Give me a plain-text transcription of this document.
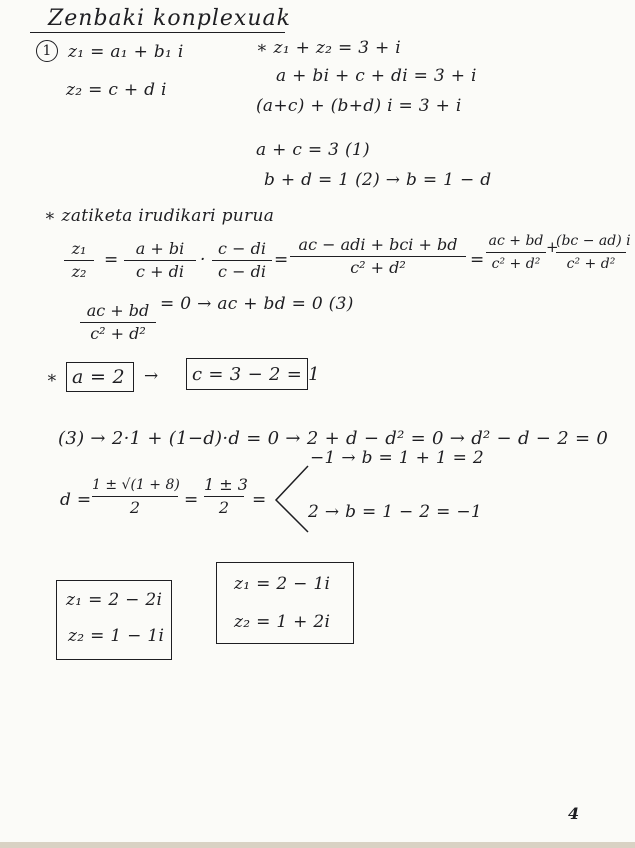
Zenbaki konplexuak
1 z₁ = a₁ + b₁ i
z₂ = c + d i
∗ z₁ + z₂ = 3 + i
a + bi + c + di = 3 + i
(a+c) + (b+d) i = 3 + i
a + c = 3 (1)
b + d = 1 (2) → b = 1 − d
∗ zatiketa irudikari purua
z₁
z₂
=
a + bi
c + di
·
c − di
c − di
=
ac − adi + bci + bd
c² + d²	=
ac + bd
c² + d²
+
(bc − ad) i
c² + d²
ac + bd
c² + d²
= 0 → ac + bd = 0 (3)
∗ a = 2 → c = 3 − 2 = 1
(3) → 2·1 + (1−d)·d = 0 → 2 + d − d² = 0 → d² − d − 2 = 0
d =
1 ± √(1 + 8)
2	=
1 ± 3
2	=
−1 → b = 1 + 1 = 2
2 → b = 1 − 2 = −1
z₁ = 2 − 2i
z₂ = 1 − 1i
z₁ = 2 − 1i
z₂ = 1 + 2i
4
